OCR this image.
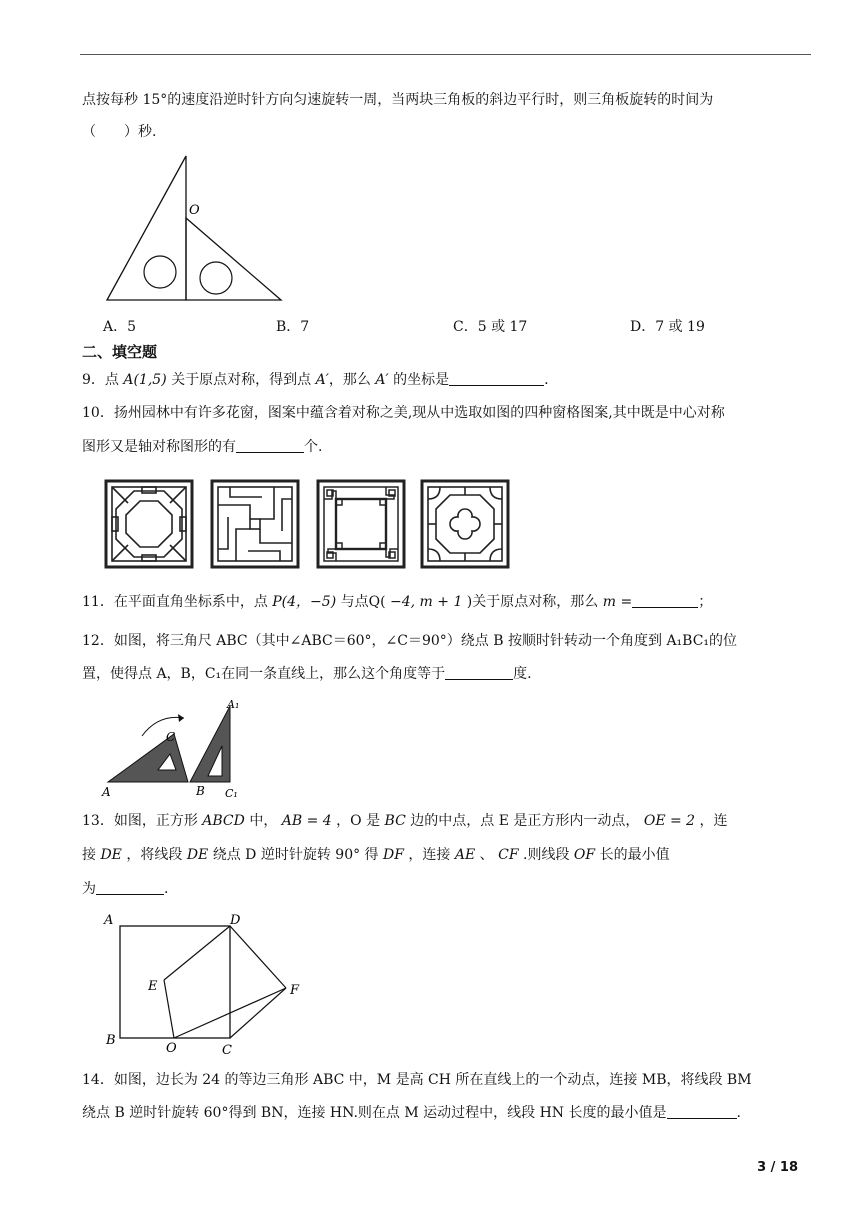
点按每秒 15°的速度沿逆时针方向匀速旋转一周，当两块三角板的斜边平行时，则三角板旋转的时间为
（　　）秒.
O
A．5	B．7	C．5 或 17	D．7 或 19
二、填空题
9．点 A(1,5) 关于原点对称，得到点 A′，那么 A′ 的坐标是	.
10．扬州园林中有许多花窗，图案中蕴含着对称之美,现从中选取如图的四种窗格图案,其中既是中心对称
图形又是轴对称图形的有	个.
11．在平面直角坐标系中，点 P(4，−5) 与点Q( −4, m + 1 )关于原点对称，那么 m =	；
12．如图，将三角尺 ABC（其中∠ABC＝60°，∠C＝90°）绕点 B 按顺时针转动一个角度到 A₁BC₁的位
置，使得点 A，B，C₁在同一条直线上，那么这个角度等于	度.
A	B
C
A₁
C₁
13．如图，正方形 ABCD 中， AB = 4 ，O 是 BC 边的中点，点 E 是正方形内一动点， OE = 2 ，连
接 DE ，将线段 DE 绕点 D 逆时针旋转 90° 得 DF ，连接 AE 、 CF .则线段 OF 长的最小值
为	.
A	D
B
C
E	F
O
14．如图，边长为 24 的等边三角形 ABC 中，M 是高 CH 所在直线上的一个动点，连接 MB，将线段 BM
绕点 B 逆时针旋转 60°得到 BN，连接 HN.则在点 M 运动过程中，线段 HN 长度的最小值是	.
3 / 18
